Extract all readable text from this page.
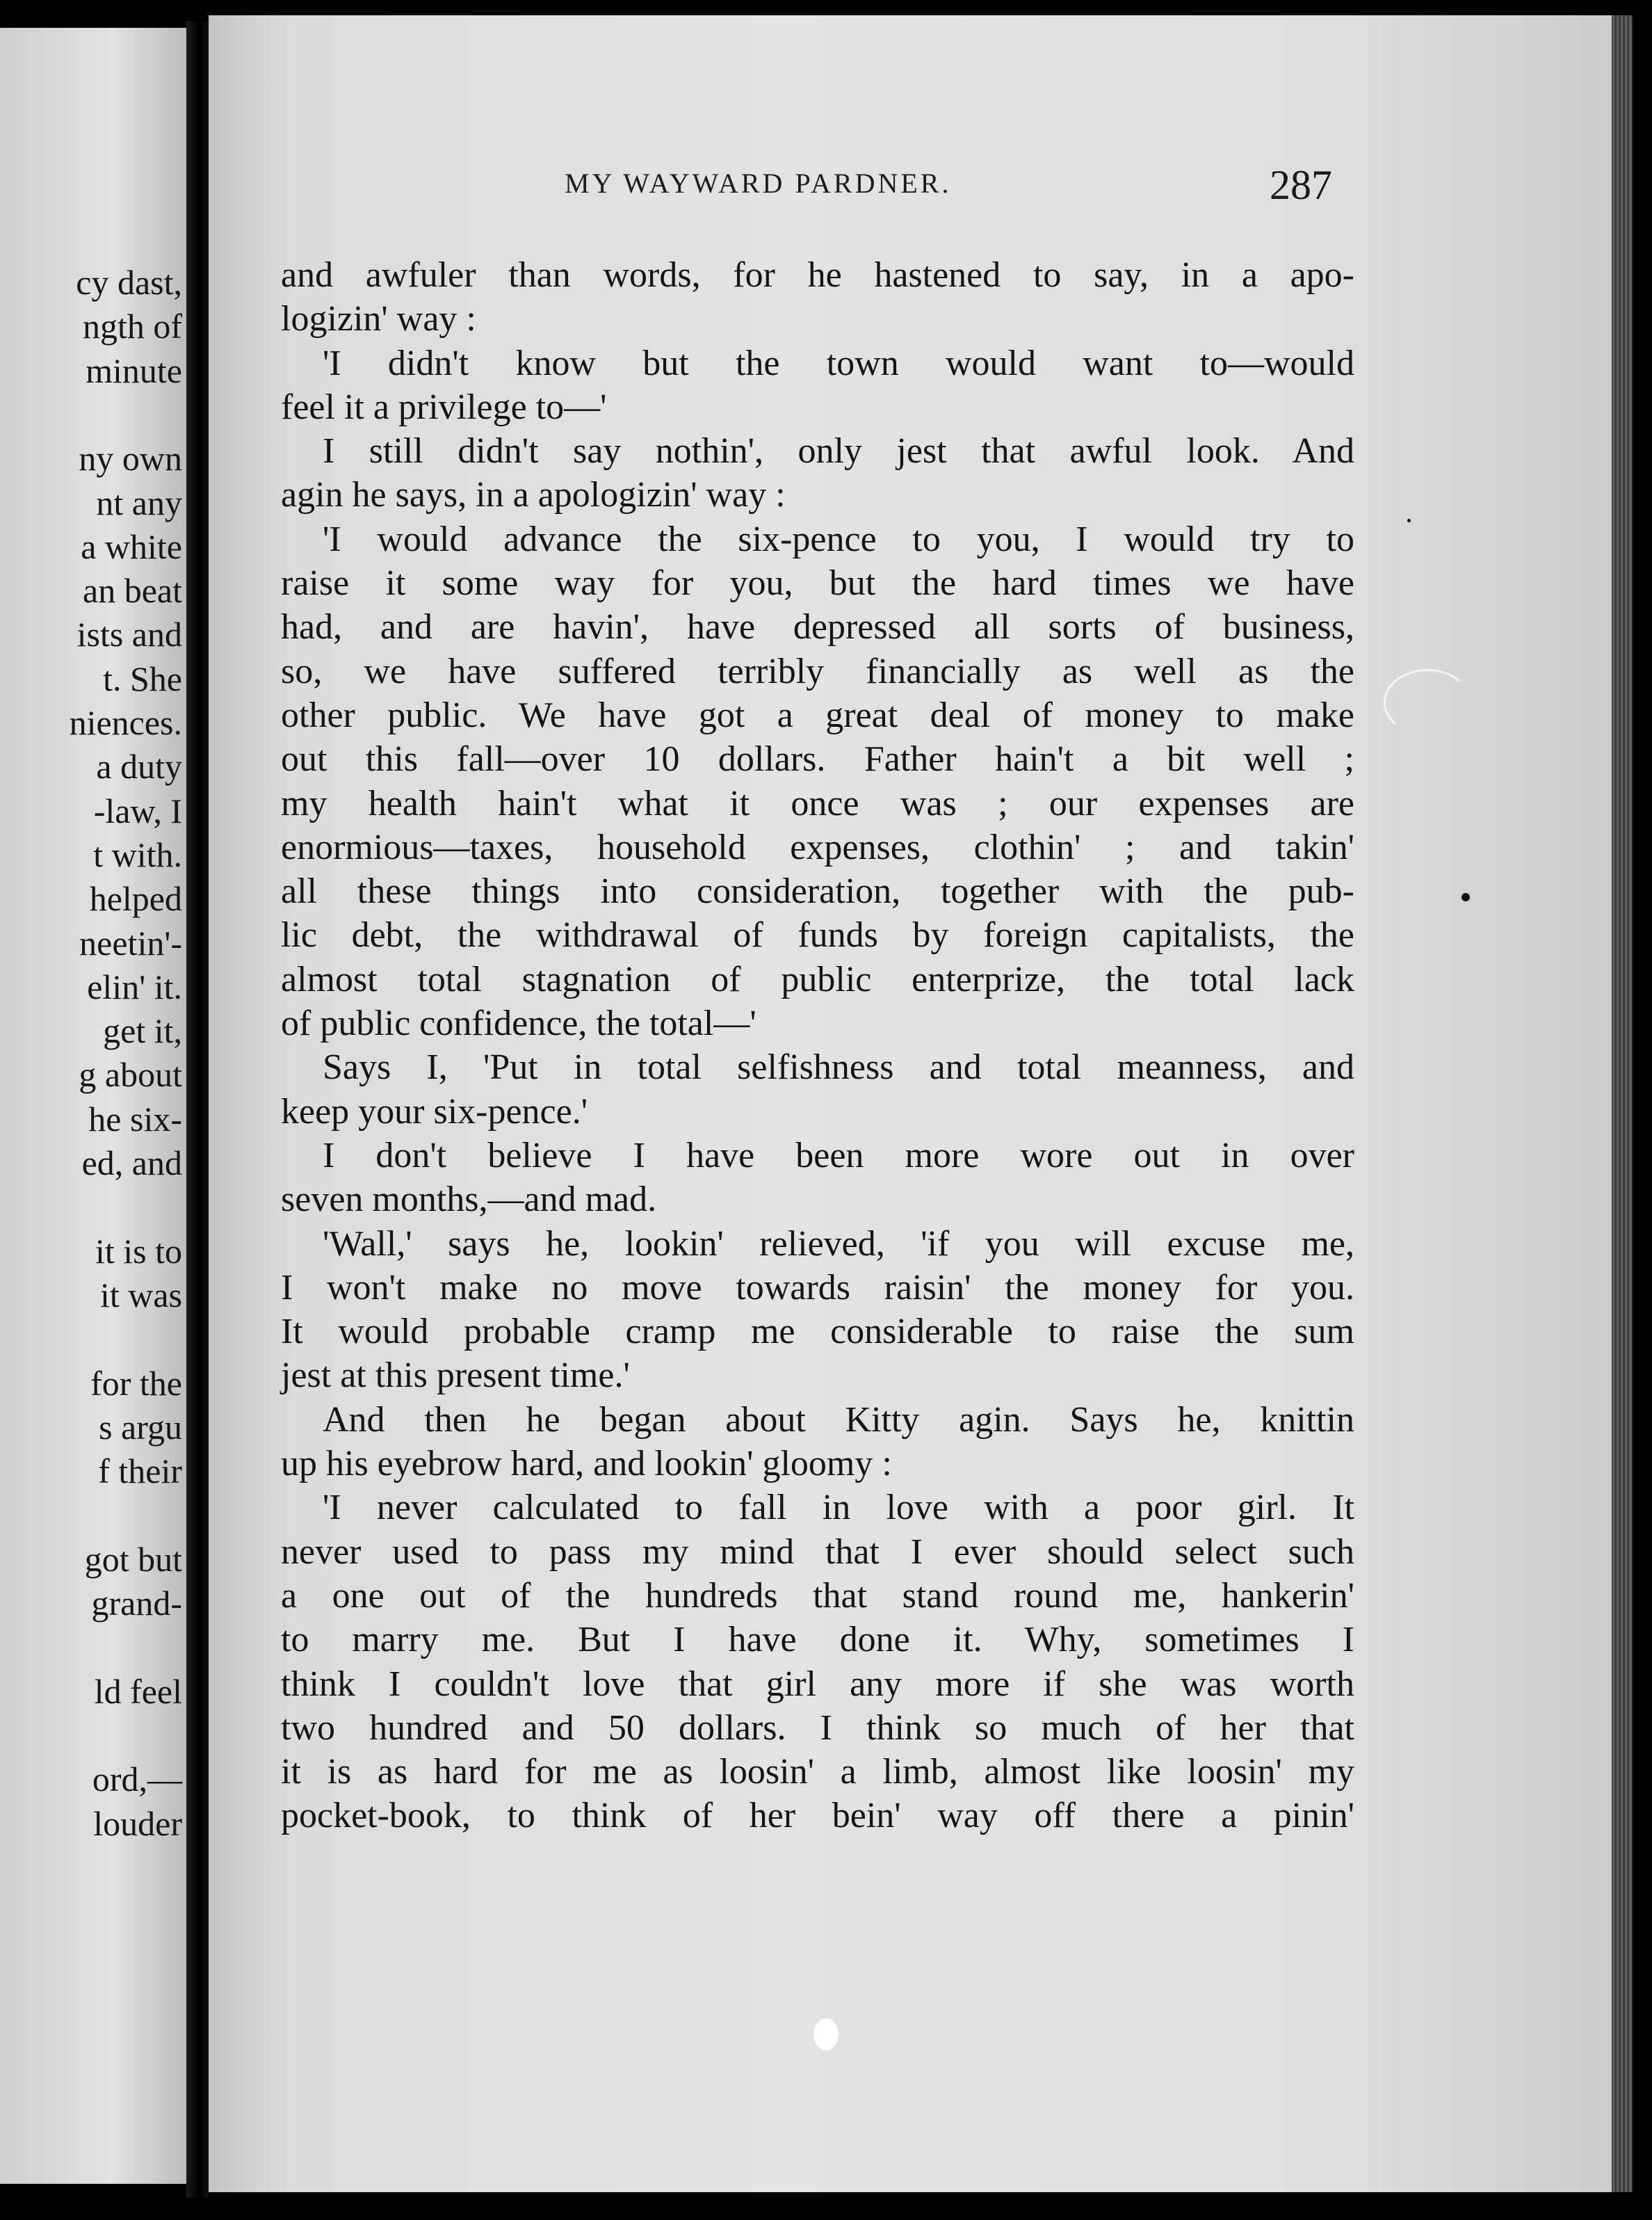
MY WAYWARD PARDNER.	287
cy dast,
ngth of
minute
ny own
nt any
a white
an beat
ists and
t. She
niences.
a duty
-law, I
t with.
helped
neetin'-
elin' it.
get it,
g about
he six-
ed, and
it is to
it was
for the
s argu
f their
got but
grand-
ld feel
ord,—
louder
and awfuler than words, for he hastened to say, in a apo-
logizin' way :
'I didn't know but the town would want to—would
feel it a privilege to—'
I still didn't say nothin', only jest that awful look. And
agin he says, in a apologizin' way :
'I would advance the six-pence to you, I would try to
raise it some way for you, but the hard times we have
had, and are havin', have depressed all sorts of business,
so, we have suffered terribly financially as well as the
other public. We have got a great deal of money to make
out this fall—over 10 dollars. Father hain't a bit well ;
my health hain't what it once was ; our expenses are
enormious—taxes, household expenses, clothin' ; and takin'
all these things into consideration, together with the pub-
lic debt, the withdrawal of funds by foreign capitalists, the
almost total stagnation of public enterprize, the total lack
of public confidence, the total—'
Says I, 'Put in total selfishness and total meanness, and
keep your six-pence.'
I don't believe I have been more wore out in over
seven months,—and mad.
'Wall,' says he, lookin' relieved, 'if you will excuse me,
I won't make no move towards raisin' the money for you.
It would probable cramp me considerable to raise the sum
jest at this present time.'
And then he began about Kitty agin. Says he, knittin
up his eyebrow hard, and lookin' gloomy :
'I never calculated to fall in love with a poor girl. It
never used to pass my mind that I ever should select such
a one out of the hundreds that stand round me, hankerin'
to marry me. But I have done it. Why, sometimes I
think I couldn't love that girl any more if she was worth
two hundred and 50 dollars. I think so much of her that
it is as hard for me as loosin' a limb, almost like loosin' my
pocket-book, to think of her bein' way off there a pinin'
